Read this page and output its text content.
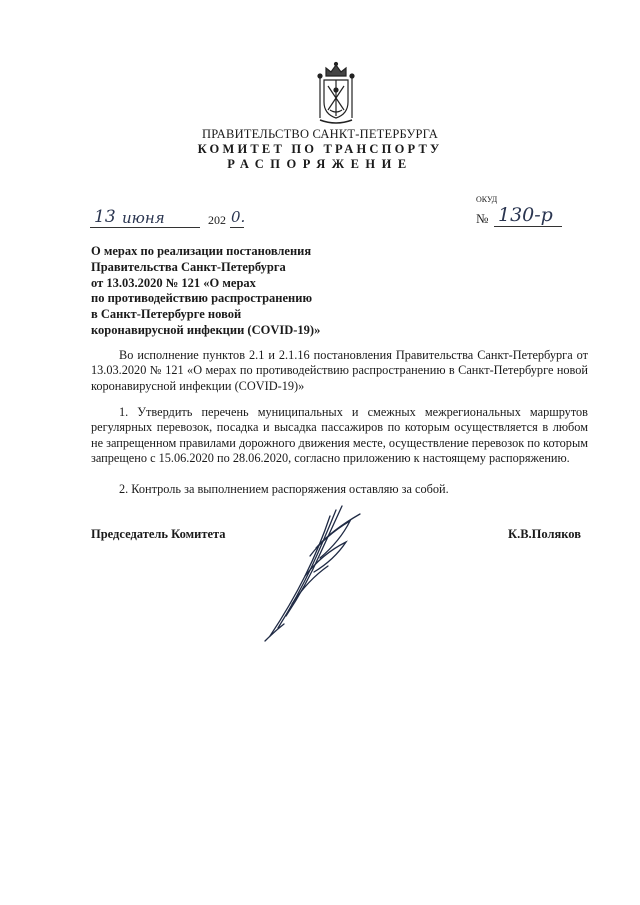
ПРАВИТЕЛЬСТВО САНКТ-ПЕТЕРБУРГА
КОМИТЕТ ПО ТРАНСПОРТУ
РАСПОРЯЖЕНИЕ
ОКУД
13 июня	202 0.	№ 130-р
О мерах по реализации постановления
Правительства Санкт-Петербурга
от 13.03.2020 № 121 «О мерах
по противодействию распространению
в Санкт-Петербурге новой
коронавирусной инфекции (COVID-19)»
Во исполнение пунктов 2.1 и 2.1.16 постановления Правительства Санкт-Петербурга от 13.03.2020 № 121 «О мерах по противодействию распространению в Санкт-Петербурге новой коронавирусной инфекции (COVID-19)»
1. Утвердить перечень муниципальных и смежных межрегиональных маршрутов регулярных перевозок, посадка и высадка пассажиров по которым осуществляется в любом не запрещенном правилами дорожного движения месте, осуществление перевозок по которым запрещено с 15.06.2020 по 28.06.2020, согласно приложению к настоящему распоряжению.
2. Контроль за выполнением распоряжения оставляю за собой.
Председатель Комитета	К.В.Поляков
